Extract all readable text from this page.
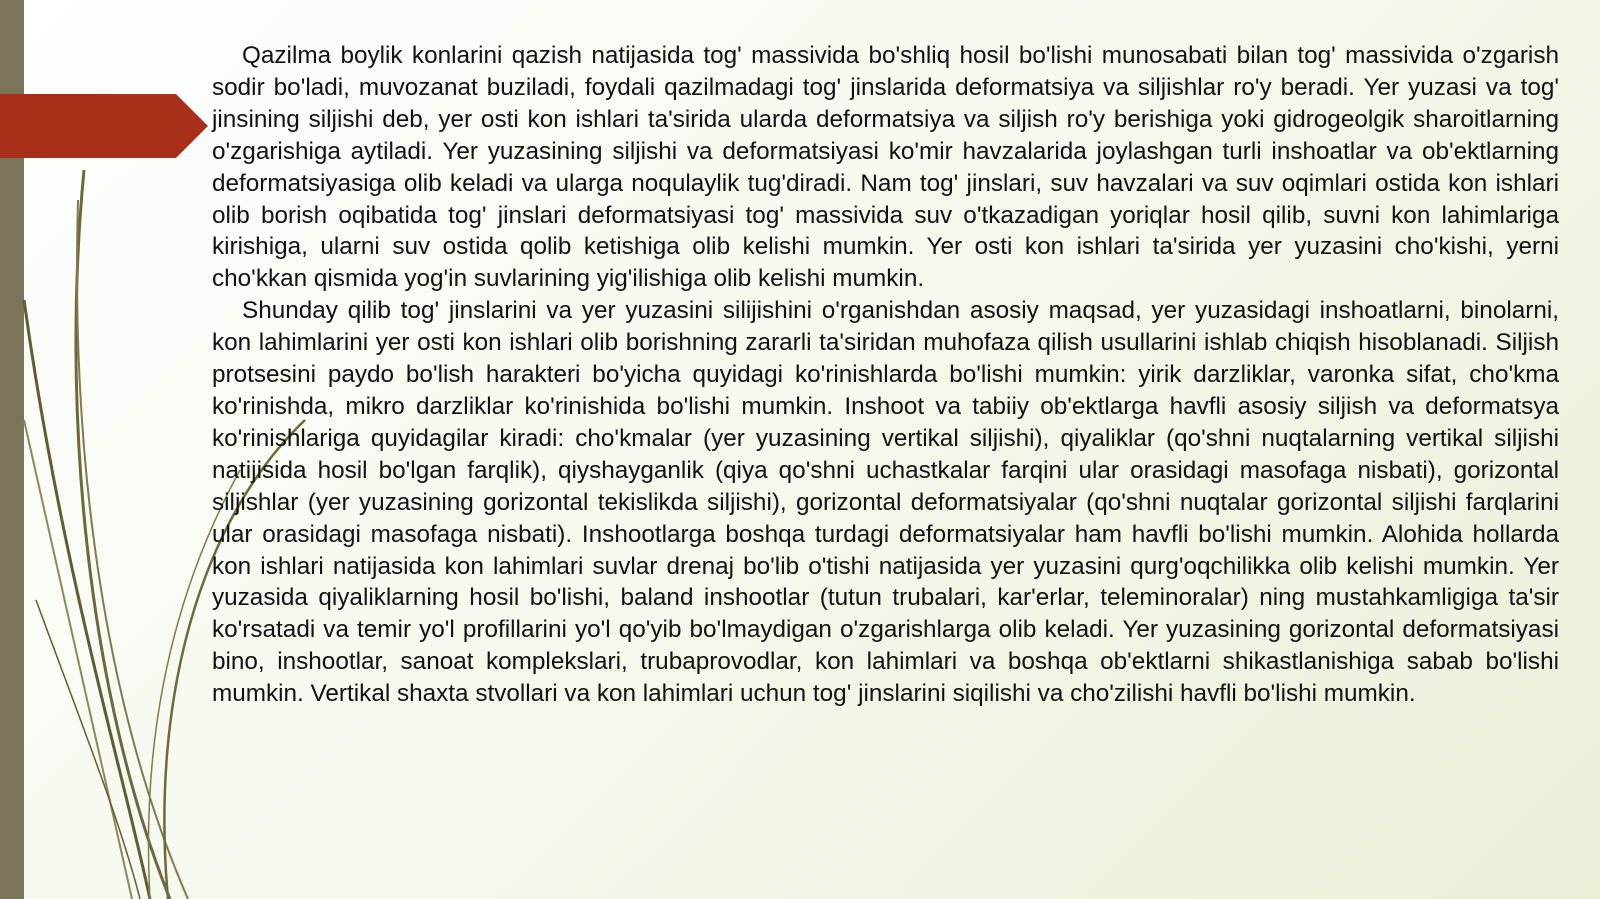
Qazilma boylik konlarini qazish natijasida tog' massivida bo'shliq hosil bo'lishi munosabati bilan tog' massivida o'zgarish sodir bo'ladi, muvozanat buziladi, foydali qazilmadagi tog' jinslarida deformatsiya va siljishlar ro'y beradi. Yer yuzasi va tog' jinsining siljishi deb, yer osti kon ishlari ta'sirida ularda deformatsiya va siljish ro'y berishiga yoki gidrogeolgik sharoitlarning o'zgarishiga aytiladi. Yer yuzasining siljishi va deformatsiyasi ko'mir havzalarida joylashgan turli inshoatlar va ob'ektlarning deformatsiyasiga olib keladi va ularga noqulaylik tug'diradi. Nam tog' jinslari, suv havzalari va suv oqimlari ostida kon ishlari olib borish oqibatida tog' jinslari deformatsiyasi tog' massivida suv o'tkazadigan yoriqlar hosil qilib, suvni kon lahimlariga kirishiga, ularni suv ostida qolib ketishiga olib kelishi mumkin. Yer osti kon ishlari ta'sirida yer yuzasini cho'kishi, yerni cho'kkan qismida yog'in suvlarining yig'ilishiga olib kelishi mumkin.

Shunday qilib tog' jinslarini va yer yuzasini silijishini o'rganishdan asosiy maqsad, yer yuzasidagi inshoatlarni, binolarni, kon lahimlarini yer osti kon ishlari olib borishning zararli ta'siridan muhofaza qilish usullarini ishlab chiqish hisoblanadi. Siljish protsesini paydo bo'lish harakteri bo'yicha quyidagi ko'rinishlarda bo'lishi mumkin: yirik darzliklar, varonka sifat, cho'kma ko'rinishda, mikro darzliklar ko'rinishida bo'lishi mumkin. Inshoot va tabiiy ob'ektlarga havfli asosiy siljish va deformatsya ko'rinishlariga quyidagilar kiradi: cho'kmalar (yer yuzasining vertikal siljishi), qiyaliklar (qo'shni nuqtalarning vertikal siljishi natijisida hosil bo'lgan farqlik), qiyshayganlik (qiya qo'shni uchastkalar farqini ular orasidagi masofaga nisbati), gorizontal siljishlar (yer yuzasining gorizontal tekislikda siljishi), gorizontal deformatsiyalar (qo'shni nuqtalar gorizontal siljishi farqlarini ular orasidagi masofaga nisbati). Inshootlarga boshqa turdagi deformatsiyalar ham havfli bo'lishi mumkin. Alohida hollarda kon ishlari natijasida kon lahimlari suvlar drenaj bo'lib o'tishi natijasida yer yuzasini qurg'oqchilikka olib kelishi mumkin. Yer yuzasida qiyaliklarning hosil bo'lishi, baland inshootlar (tutun trubalari, kar'erlar, teleminoralar) ning mustahkamligiga ta'sir ko'rsatadi va temir yo'l profillarini yo'l qo'yib bo'lmaydigan o'zgarishlarga olib keladi. Yer yuzasining gorizontal deformatsiyasi bino, inshootlar, sanoat komplekslari, trubaprovodlar, kon lahimlari va boshqa ob'ektlarni shikastlanishiga sabab bo'lishi mumkin. Vertikal shaxta stvollari va kon lahimlari uchun tog' jinslarini siqilishi va cho'zilishi havfli bo'lishi mumkin.
